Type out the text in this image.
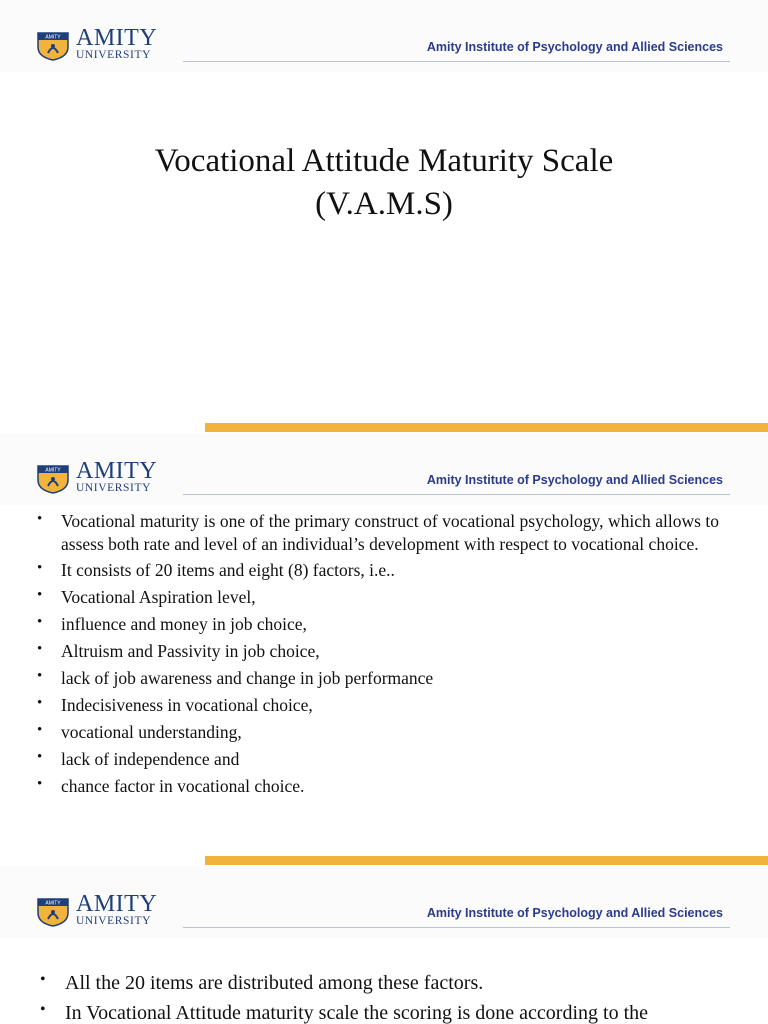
AMITY AMITY
UNIVERSITY
Amity Institute of Psychology and Allied Sciences
Vocational Attitude Maturity Scale
(V.A.M.S)
AMITY AMITY
UNIVERSITY
Amity Institute of Psychology and Allied Sciences
• Vocational maturity is one of the primary construct of vocational psychology, which allows to assess both rate and level of an individual’s development with respect to vocational choice.
• It consists of 20 items and eight (8) factors, i.e..
• Vocational Aspiration level,
• influence and money in job choice,
• Altruism and Passivity in job choice,
• lack of job awareness and change in job performance
• Indecisiveness in vocational choice,
• vocational understanding,
• lack of independence and
• chance factor in vocational choice.
AMITY AMITY
UNIVERSITY
Amity Institute of Psychology and Allied Sciences
• All the 20 items are distributed among these factors.
• In Vocational Attitude maturity scale the scoring is done according to the
